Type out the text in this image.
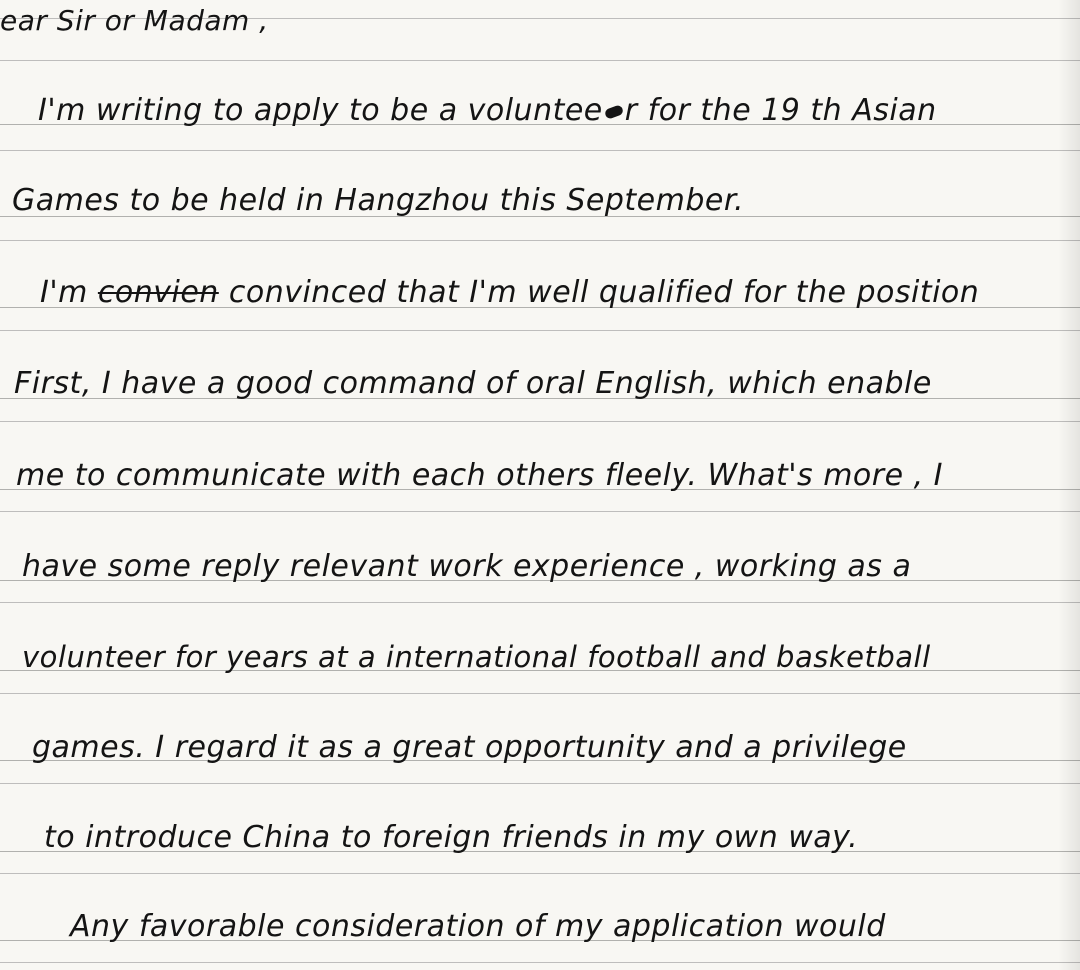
ear Sir or Madam ,

I'm writing to apply to be a voluntee r for the 19 th Asian

Games to be held in Hangzhou this September.

I'm convien convinced that I'm well qualified for the position

First, I have a good command of oral English, which enable

me to communicate with each others fleely. What's more , I

have some reply relevant work experience , working as a

volunteer for years at a international football and basketball

games. I regard it as a great opportunity and a privilege

to introduce China to foreign friends in my own way.

Any favorable consideration of my application would
